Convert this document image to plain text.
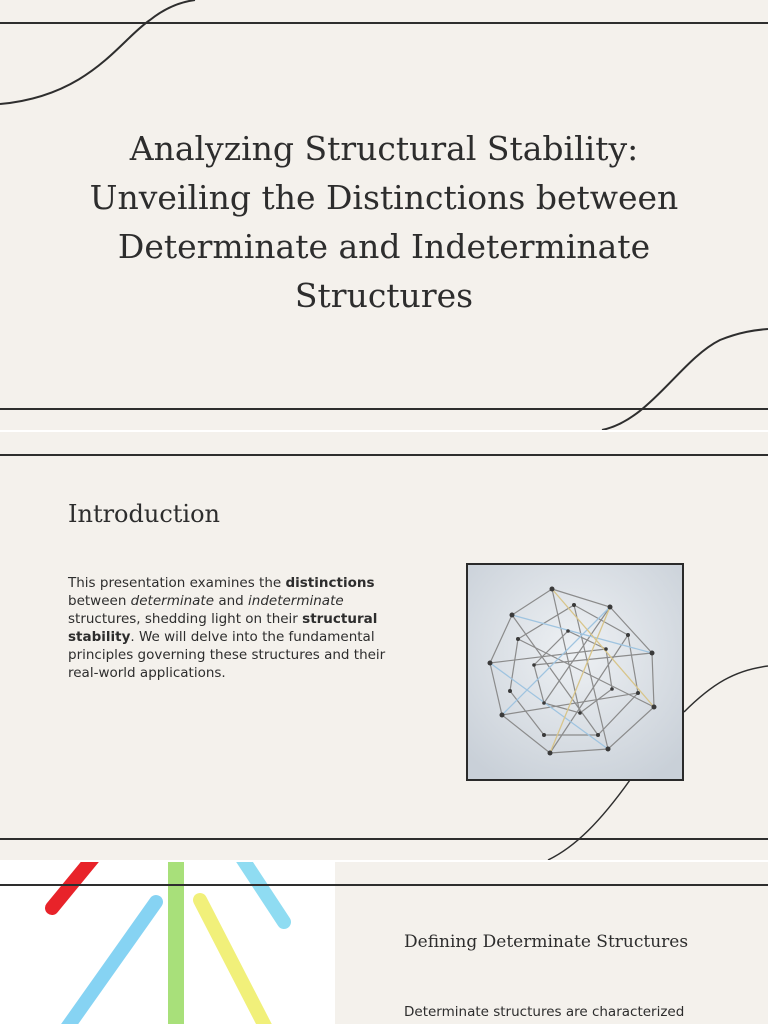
Analyzing Structural Stability:
Unveiling the Distinctions between
Determinate and Indeterminate
Structures
Introduction

This presentation examines the distinctions between determinate and indeterminate structures, shedding light on their structural stability. We will delve into the fundamental principles governing these structures and their real-world applications.

Defining Determinate Structures

Determinate structures are characterized
